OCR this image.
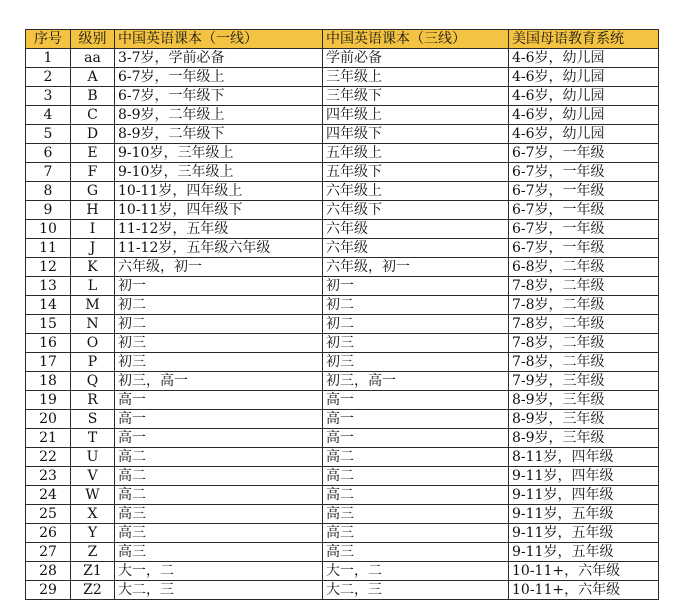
序号	级别	中国英语课本（一线）	中国英语课本（三线）	美国母语教育系统
1	aa	3-7岁，学前必备	学前必备	4-6岁，幼儿园
2	A	6-7岁，一年级上	三年级上	4-6岁，幼儿园
3	B	6-7岁，一年级下	三年级下	4-6岁，幼儿园
4	C	8-9岁，二年级上	四年级上	4-6岁，幼儿园
5	D	8-9岁，二年级下	四年级下	4-6岁，幼儿园
6	E	9-10岁，三年级上	五年级上	6-7岁，一年级
7	F	9-10岁，三年级上	五年级下	6-7岁，一年级
8	G	10-11岁，四年级上	六年级上	6-7岁，一年级
9	H	10-11岁，四年级下	六年级下	6-7岁，一年级
10	I	11-12岁，五年级	六年级	6-7岁，一年级
11	J	11-12岁，五年级六年级	六年级	6-7岁，一年级
12	K	六年级，初一	六年级，初一	6-8岁，二年级
13	L	初一	初一	7-8岁，二年级
14	M	初二	初二	7-8岁，二年级
15	N	初二	初二	7-8岁，二年级
16	O	初三	初三	7-8岁，二年级
17	P	初三	初三	7-8岁，二年级
18	Q	初三，高一	初三，高一	7-9岁，三年级
19	R	高一	高一	8-9岁，三年级
20	S	高一	高一	8-9岁，三年级
21	T	高一	高一	8-9岁，三年级
22	U	高二	高二	8-11岁，四年级
23	V	高二	高二	9-11岁，四年级
24	W	高二	高二	9-11岁，四年级
25	X	高三	高三	9-11岁，五年级
26	Y	高三	高三	9-11岁，五年级
27	Z	高三	高三	9-11岁，五年级
28	Z1	大一，二	大一，二	10-11+，六年级
29	Z2	大二，三	大二，三	10-11+，六年级
